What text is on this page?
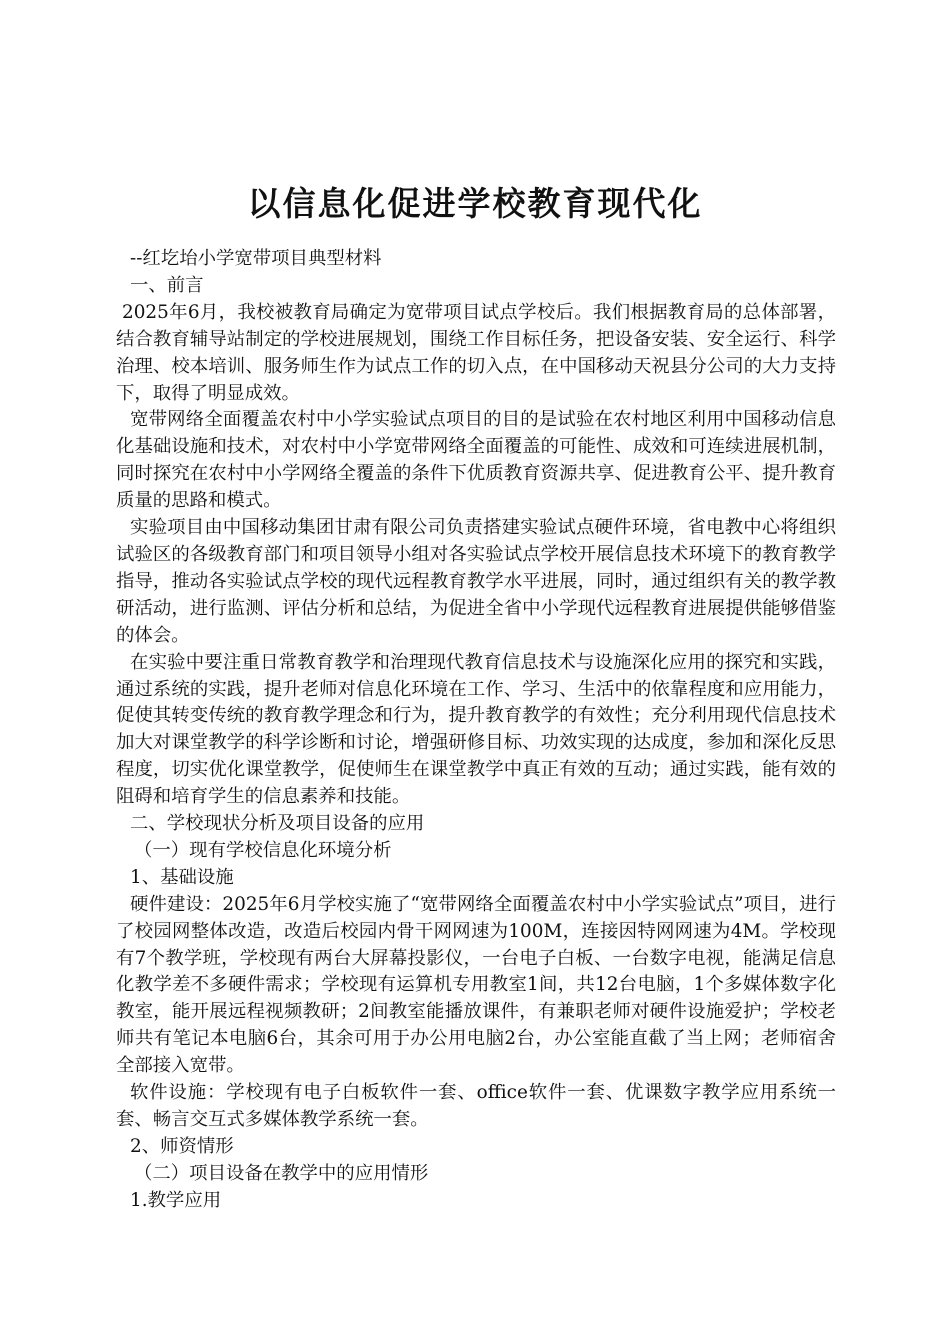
以信息化促进学校教育现代化

--红圪坮小学宽带项目典型材料

一、前言

2025年6月，我校被教育局确定为宽带项目试点学校后。我们根据教育局的总体部署，结合教育辅导站制定的学校进展规划，围绕工作目标任务，把设备安装、安全运行、科学治理、校本培训、服务师生作为试点工作的切入点，在中国移动天祝县分公司的大力支持下，取得了明显成效。

宽带网络全面覆盖农村中小学实验试点项目的目的是试验在农村地区利用中国移动信息化基础设施和技术，对农村中小学宽带网络全面覆盖的可能性、成效和可连续进展机制，同时探究在农村中小学网络全覆盖的条件下优质教育资源共享、促进教育公平、提升教育质量的思路和模式。

实验项目由中国移动集团甘肃有限公司负责搭建实验试点硬件环境，省电教中心将组织试验区的各级教育部门和项目领导小组对各实验试点学校开展信息技术环境下的教育教学指导，推动各实验试点学校的现代远程教育教学水平进展，同时，通过组织有关的教学教研活动，进行监测、评估分析和总结，为促进全省中小学现代远程教育进展提供能够借鉴的体会。

在实验中要注重日常教育教学和治理现代教育信息技术与设施深化应用的探究和实践，通过系统的实践，提升老师对信息化环境在工作、学习、生活中的依靠程度和应用能力，促使其转变传统的教育教学理念和行为，提升教育教学的有效性；充分利用现代信息技术加大对课堂教学的科学诊断和讨论，增强研修目标、功效实现的达成度，参加和深化反思程度，切实优化课堂教学，促使师生在课堂教学中真正有效的互动；通过实践，能有效的阻碍和培育学生的信息素养和技能。

二、学校现状分析及项目设备的应用

（一）现有学校信息化环境分析

1、基础设施

硬件建设：2025年6月学校实施了“宽带网络全面覆盖农村中小学实验试点”项目，进行了校园网整体改造，改造后校园内骨干网网速为100M，连接因特网网速为4M。学校现有7个教学班，学校现有两台大屏幕投影仪，一台电子白板、一台数字电视，能满足信息化教学差不多硬件需求；学校现有运算机专用教室1间，共12台电脑，1个多媒体数字化教室，能开展远程视频教研；2间教室能播放课件，有兼职老师对硬件设施爱护；学校老师共有笔记本电脑6台，其余可用于办公用电脑2台，办公室能直截了当上网；老师宿舍全部接入宽带。

软件设施：学校现有电子白板软件一套、office软件一套、优课数字教学应用系统一套、畅言交互式多媒体教学系统一套。

2、师资情形

（二）项目设备在教学中的应用情形

1.教学应用
